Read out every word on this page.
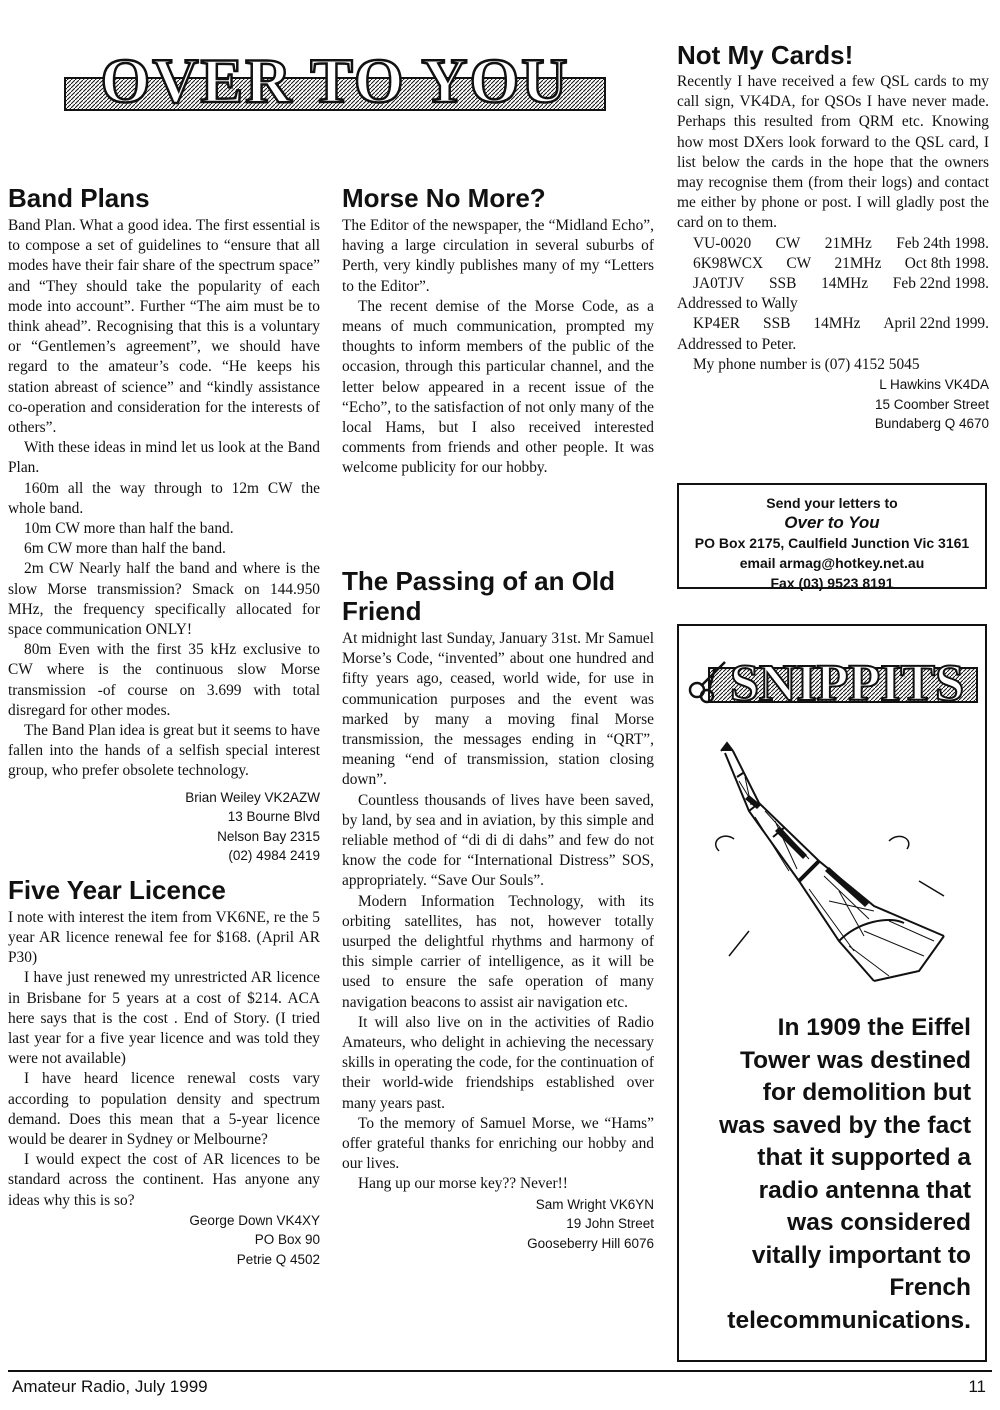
OVER TO YOU
Band Plans

Band Plan. What a good idea. The first essential is to compose a set of guidelines to “ensure that all modes have their fair share of the spectrum space” and “They should take the popularity of each mode into account”. Further “The aim must be to think ahead”. Recognising that this is a voluntary or “Gentlemen’s agreement”, we should have regard to the amateur’s code. “He keeps his station abreast of science” and “kindly assistance co-operation and consideration for the interests of others”.

With these ideas in mind let us look at the Band Plan.

160m all the way through to 12m CW the whole band.

10m CW more than half the band.

6m CW more than half the band.

2m CW Nearly half the band and where is the slow Morse transmission? Smack on 144.950 MHz, the frequency specifically allocated for space communication ONLY!

80m Even with the first 35 kHz exclusive to CW where is the continuous slow Morse transmission -of course on 3.699 with total disregard for other modes.

The Band Plan idea is great but it seems to have fallen into the hands of a selfish special interest group, who prefer obsolete technology.

Brian Weiley VK2AZW
13 Bourne Blvd
Nelson Bay 2315
(02) 4984 2419
Five Year Licence

I note with interest the item from VK6NE, re the 5 year AR licence renewal fee for $168. (April AR P30)

I have just renewed my unrestricted AR licence in Brisbane for 5 years at a cost of $214. ACA here says that is the cost . End of Story. (I tried last year for a five year licence and was told they were not available)

I have heard licence renewal costs vary according to population density and spectrum demand. Does this mean that a 5-year licence would be dearer in Sydney or Melbourne?

I would expect the cost of AR licences to be standard across the continent. Has anyone any ideas why this is so?

George Down VK4XY
PO Box 90
Petrie Q 4502
Morse No More?

The Editor of the newspaper, the “Midland Echo”, having a large circulation in several suburbs of Perth, very kindly publishes many of my “Letters to the Editor”.

The recent demise of the Morse Code, as a means of much communication, prompted my thoughts to inform members of the public of the occasion, through this particular channel, and the letter below appeared in a recent issue of the “Echo”, to the satisfaction of not only many of the local Hams, but I also received interested comments from friends and other people. It was welcome publicity for our hobby.

The Passing of an Old Friend

At midnight last Sunday, January 31st. Mr Samuel Morse’s Code, “invented” about one hundred and fifty years ago, ceased, world wide, for use in communication purposes and the event was marked by many a moving final Morse transmission, the messages ending in “QRT”, meaning “end of transmission, station closing down”.

Countless thousands of lives have been saved, by land, by sea and in aviation, by this simple and reliable method of “di di di dahs” and few do not know the code for “International Distress” SOS, appropriately. “Save Our Souls”.

Modern Information Technology, with its orbiting satellites, has not, however totally usurped the delightful rhythms and harmony of this simple carrier of intelligence, as it will be used to ensure the safe operation of many navigation beacons to assist air navigation etc.

It will also live on in the activities of Radio Amateurs, who delight in achieving the necessary skills in operating the code, for the continuation of their world-wide friendships established over many years past.

To the memory of Samuel Morse, we “Hams” offer grateful thanks for enriching our hobby and our lives.

Hang up our morse key?? Never!!

Sam Wright VK6YN
19 John Street
Gooseberry Hill 6076
Not My Cards!

Recently I have received a few QSL cards to my call sign, VK4DA, for QSOs I have never made. Perhaps this resulted from QRM etc. Knowing how most DXers look forward to the QSL card, I list below the cards in the hope that the owners may recognise them (from their logs) and contact me either by phone or post. I will gladly post the card on to them.

VU-0020 CW 21MHz Feb 24th 1998.
6K98WCX CW 21MHz Oct 8th 1998.
JA0TJV SSB 14MHz Feb 22nd 1998.

Addressed to Wally

KP4ER SSB 14MHz April 22nd 1999.

Addressed to Peter.

My phone number is (07) 4152 5045

L Hawkins VK4DA
15 Coomber Street
Bundaberg Q 4670

Send your letters to

Over to You

PO Box 2175, Caulfield Junction Vic 3161

email armag@hotkey.net.au

Fax (03) 9523 8191

SNIPPITS

In 1909 the Eiffel

Tower was destined

for demolition but

was saved by the fact

that it supported a

radio antenna that

was considered

vitally important to

French

telecommunications.

Amateur Radio, July 1999	11
